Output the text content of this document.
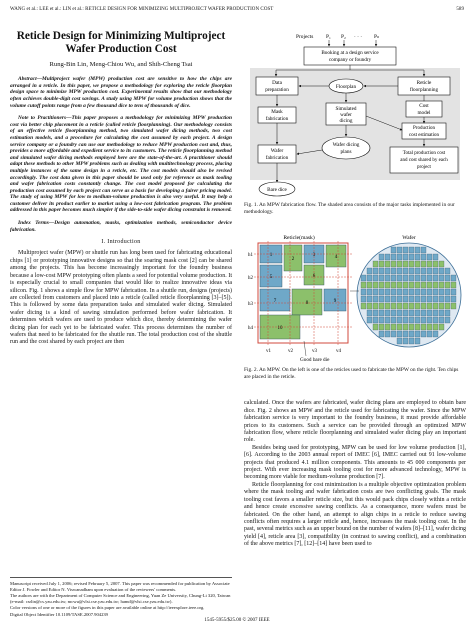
WANG et al.: LEE et al.: LIN et al.: RETICLE DESIGN FOR MINIMIZING MULTIPROJECT WAFER PRODUCTION COST	589
Reticle Design for Minimizing Multiproject Wafer Production Cost
Rung-Bin Lin, Meng-Chiou Wu, and Shih-Cheng Tsai

Abstract—Multiproject wafer (MPW) production cost are sensitive to how the chips are arranged in a reticle. In this paper, we propose a methodology for exploring the reticle floorplan design space to minimize MPW production cost. Experimental results show that our methodology often achieves double-digit cost savings. A study using MPW for volume production shows that the volume cutoff points range from a few thousand dice to tens of thousands of dice.

Note to Practitioners—This paper proposes a methodology for minimizing MPW production cost via better chip placement in a reticle (called reticle floorplanning). Our methodology consists of an effective reticle floorplanning method, two simulated wafer dicing methods, two cost estimation models, and a procedure for calculating the cost assumed by each project. A design service company or a foundry can use our methodology to reduce MPW production cost and, thus, provides a more affordable and expedient service to its customers. The reticle floorplanning method and simulated wafer dicing methods employed here are the state-of-the-art. A practitioner should adapt these methods to other MPW problems such as dealing with multitechnology process, placing multiple instances of the same design in a reticle, etc. The cost models should also be revised accordingly. The cost data given in this paper should be used only for reference as mask tooling and wafer fabrication costs constantly change. The cost model proposed for calculating the production cost assumed by each project can serve as a basis for developing a fairer pricing model. The study of using MPW for low to medium-volume production is also very useful. It may help a customer deliver its product earlier to market using a low-cost fabrication program. The problem addressed in this paper becomes much simpler if the side-to-side wafer dicing constraint is removed.

Index Terms—Design automation, masks, optimization methods, semiconductor device fabrication.

I. Introduction

Multiproject wafer (MPW) or shuttle run has long been used for fabricating educational chips [1] or prototyping innovative designs so that the soaring mask cost [2] can be shared among the projects. This has become increasingly important for the foundry business because a low-cost MPW prototyping often plants a seed for potential volume production. It is especially crucial to small companies that would like to realize innovative ideas via silicon. Fig. 1 shows a simple flow for MPW fabrication. In a shuttle run, designs (projects) are collected from customers and placed into a reticle (called reticle floorplanning [3]–[5]). This is followed by some data preparation tasks and simulated wafer dicing. Simulated wafer dicing is a kind of sawing simulation performed before wafer fabrication. It determines which wafers are used to produce which dice, thereby determining the wafer dicing plan for each yet to be fabricated wafer. This process determines the number of wafers that need to be fabricated for the shuttle run. The total production cost of the shuttle run and the cost shared by each project are then

Manuscript received July 1, 2006; revised February 5, 2007. This paper was recommended for publication by Associate Editor J. Fowler and Editor N. Viswanadham upon evaluation of the reviewers' comments.
The authors are with the Department of Computer Science and Engineering, Yuan Ze University, Chung-Li 320, Taiwan (e-mail: csrlin@cs.yzu.edu.tw; mcwu@vlsi.cse.yzu.edu.tw; hamd@vlsi.cse.yzu.edu.tw).
Color versions of one or more of the figures in this paper are available online at http://ieeexplore.ieee.org.
Digital Object Identifier 10.1109/TASE.2007.904239
Projects P₁ P₂ · · · Pₙ
Booking at a design service
company or foundry
Data
preparation	Floorplan
Reticle
floorplanning
Cost
model
Mask
fabrication
Simulated
wafer
dicing
Production
cost estimation
Wafer
fabrication
Wafer dicing
plans	Total production cost
and cost shared by each
project
Bare dice
Fig. 1. An MPW fabrication flow. The shaded area consists of the major tasks implemented in our methodology.

Reticle(mask)
1
2
3	4
5	6
7	8	9
10
h1
h2
h3
h4
v1	v2	v3	v4
Good bare die
Wafer
Fig. 2. An MPW. On the left is one of the reticles used to fabricate the MPW on the right. Ten chips are placed in the reticle.

calculated. Once the wafers are fabricated, wafer dicing plans are employed to obtain bare dice. Fig. 2 shows an MPW and the reticle used for fabricating the wafer. Since the MPW fabrication service is very important to the foundry business, it must provide affordable prices to its customers. Such a service can be provided through an optimized MPW fabrication flow, where reticle floorplanning and simulated wafer dicing play an important role.

Besides being used for prototyping, MPW can be used for low volume production [1], [6]. According to the 2003 annual report of IMEC [6], IMEC carried out 91 low-volume projects that produced 4.1 million components. This amounts to 45 000 components per project. With ever increasing mask tooling cost for more advanced technology, MPW is becoming more viable for medium-volume production [7].

Reticle floorplanning for cost minimization is a multiple objective optimization problem where the mask tooling and wafer fabrication costs are two conflicting goals. The mask tooling cost favors a smaller reticle size, but this would pack chips closely within a reticle and hence create excessive sawing conflicts. As a consequence, more wafers must be fabricated. On the other hand, an attempt to align chips in a reticle to reduce sawing conflicts often requires a larger reticle and, hence, increases the mask tooling cost. In the past, several metrics such as an upper bound on the number of wafers [8]–[11], wafer dicing yield [4], reticle area [3], compatibility (in contrast to sawing conflict), and a combination of the above metrics [7], [12]–[14] have been used to

1545-5955/$25.00 © 2007 IEEE
